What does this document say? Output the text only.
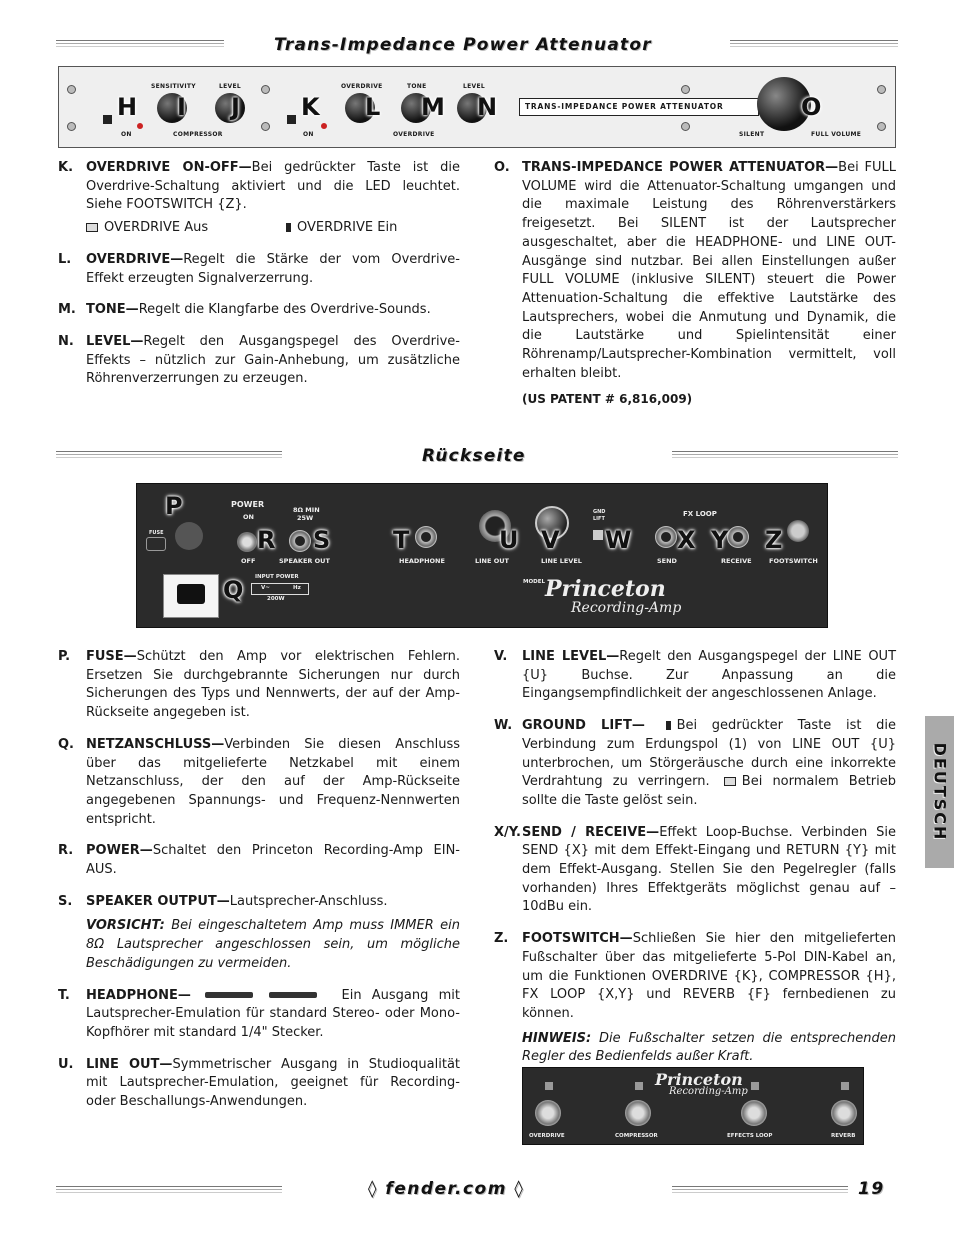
Trans-Impedance Power Attenuator
SENSITIVITY	LEVEL
ON	COMPRESSOR
H I J
OVERDRIVE	TONE	LEVEL
ON	OVERDRIVE
K L M N	TRANS-IMPEDANCE POWER ATTENUATOR	O
SILENT	FULL VOLUME
K. OVERDRIVE ON-OFF—Bei gedrückter Taste ist die Overdrive-Schaltung aktiviert und die LED leuchtet. Siehe FOOTSWITCH {Z}.
OVERDRIVE Aus	OVERDRIVE Ein
L.	OVERDRIVE—Regelt die Stärke der vom Overdrive-Effekt erzeugten Signalverzerrung.
M. TONE—Regelt die Klangfarbe des Overdrive-Sounds.
N. LEVEL—Regelt den Ausgangspegel des Overdrive-Effekts – nützlich zur Gain-Anhebung, um zusätzliche Röhrenverzerrungen zu erzeugen.
O. TRANS-IMPEDANCE POWER ATTENUATOR—Bei FULL VOLUME wird die Attenuator-Schaltung umgangen und die maximale Leistung des Röhrenverstärkers freigesetzt. Bei SILENT ist der Lautsprecher ausgeschaltet, aber die HEADPHONE- und LINE OUT-Ausgänge sind nutzbar. Bei allen Einstellungen außer FULL VOLUME (inklusive SILENT) steuert die Power Attenuation-Schaltung die effektive Lautstärke des Lautsprechers, wobei die Anmutung und Dynamik, die die Lautstärke und Spielintensität einer Röhrenamp/Lautsprecher-Kombination vermittelt, voll erhalten bleibt.
(US PATENT # 6,816,009)
Rückseite
FUSE
P	POWER
ON
OFF
R
8Ω MIN
25W
SPEAKER OUT
S
Q INPUT POWER
V~	Hz
200W
T
HEADPHONE
U
LINE OUT
V
LINE LEVEL
GND
LIFT
W
FX LOOP
X
SEND
Y
RECEIVE
Z
FOOTSWITCH
MODEL Princeton
Recording-Amp
P.	FUSE—Schützt den Amp vor elektrischen Fehlern. Ersetzen Sie durchgebrannte Sicherungen nur durch Sicherungen des Typs und Nennwerts, der auf der Amp-Rückseite angegeben ist.
Q. NETZANSCHLUSS—Verbinden Sie diesen Anschluss über das mitgelieferte Netzkabel mit einem Netzanschluss, der den auf der Amp-Rückseite angegebenen Spannungs- und Frequenz-Nennwerten entspricht.
R. POWER—Schaltet den Princeton Recording-Amp EIN-AUS.
S.	SPEAKER OUTPUT—Lautsprecher-Anschluss.
VORSICHT: Bei eingeschaltetem Amp muss IMMER ein 8Ω Lautsprecher angeschlossen sein, um mögliche Beschädigungen zu vermeiden.
T.	HEADPHONE—	Ein Ausgang mit Lautsprecher-Emulation für standard Stereo- oder Mono-Kopfhörer mit standard 1/4" Stecker.
U. LINE OUT—Symmetrischer Ausgang in Studioqualität mit Lautsprecher-Emulation, geeignet für Recording- oder Beschallungs-Anwendungen.
V.	LINE LEVEL—Regelt den Ausgangspegel der LINE OUT {U} Buchse. Zur Anpassung an die Eingangsempfindlichkeit der angeschlossenen Anlage.
W. GROUND LIFT— Bei gedrückter Taste ist die Verbindung zum Erdungspol (1) von LINE OUT {U} unterbrochen, um Störgeräusche durch eine inkorrekte Verdrahtung zu verringern. Bei normalem Betrieb sollte die Taste gelöst sein.
X/Y. SEND / RECEIVE—Effekt Loop-Buchse. Verbinden Sie SEND {X} mit dem Effekt-Eingang und RETURN {Y} mit dem Effekt-Ausgang. Stellen Sie den Pegelregler (falls vorhanden) Ihres Effektgeräts möglichst genau auf –10dBu ein.
Z.	FOOTSWITCH—Schließen Sie hier den mitgelieferten Fußschalter über das mitgelieferte 5-Pol DIN-Kabel an, um die Funktionen OVERDRIVE {K}, COMPRESSOR {H}, FX LOOP {X,Y} und REVERB {F} fernbedienen zu können.
HINWEIS: Die Fußschalter setzen die entsprechenden Regler des Bedienfelds außer Kraft.
Princeton
Recording-Amp
OVERDRIVE	COMPRESSOR	EFFECTS LOOP	REVERB
DEUTSCH
◊ fender.com ◊	19
